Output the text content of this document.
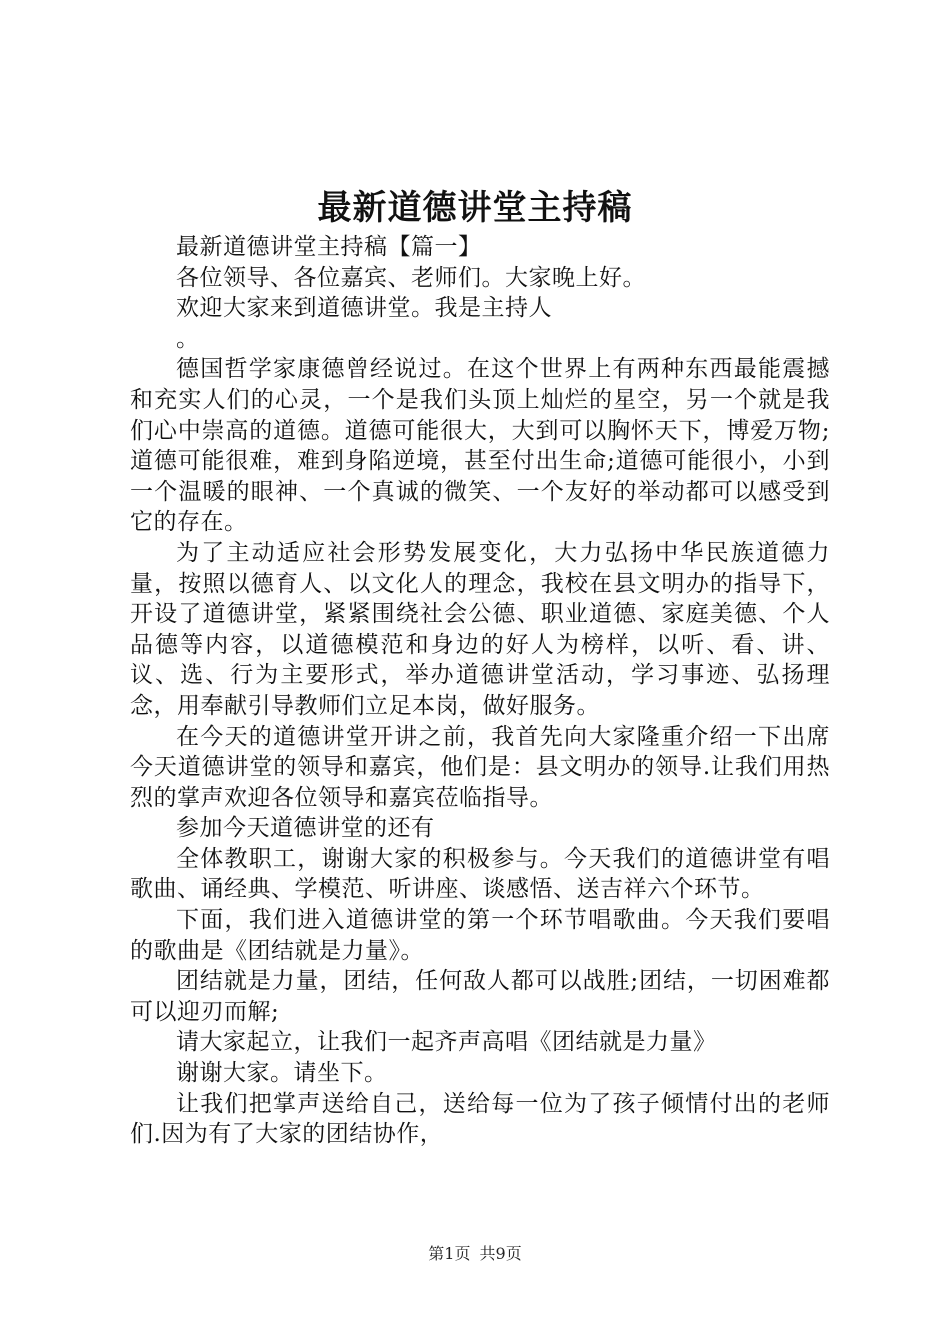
最新道德讲堂主持稿

最新道德讲堂主持稿【篇一】

各位领导、各位嘉宾、老师们。大家晚上好。

欢迎大家来到道德讲堂。我是主持人

。

德国哲学家康德曾经说过。在这个世界上有两种东西最能震撼和充实人们的心灵，一个是我们头顶上灿烂的星空，另一个就是我们心中崇高的道德。道德可能很大，大到可以胸怀天下，博爱万物;道德可能很难，难到身陷逆境，甚至付出生命;道德可能很小，小到一个温暖的眼神、一个真诚的微笑、一个友好的举动都可以感受到它的存在。

为了主动适应社会形势发展变化，大力弘扬中华民族道德力量，按照以德育人、以文化人的理念，我校在县文明办的指导下，开设了道德讲堂，紧紧围绕社会公德、职业道德、家庭美德、个人品德等内容，以道德模范和身边的好人为榜样，以听、看、讲、议、选、行为主要形式，举办道德讲堂活动，学习事迹、弘扬理念，用奉献引导教师们立足本岗，做好服务。

在今天的道德讲堂开讲之前，我首先向大家隆重介绍一下出席今天道德讲堂的领导和嘉宾，他们是：县文明办的领导.让我们用热烈的掌声欢迎各位领导和嘉宾莅临指导。

参加今天道德讲堂的还有

全体教职工，谢谢大家的积极参与。今天我们的道德讲堂有唱歌曲、诵经典、学模范、听讲座、谈感悟、送吉祥六个环节。

下面，我们进入道德讲堂的第一个环节唱歌曲。今天我们要唱的歌曲是《团结就是力量》。

团结就是力量，团结，任何敌人都可以战胜;团结，一切困难都可以迎刃而解;

请大家起立，让我们一起齐声高唱《团结就是力量》

谢谢大家。请坐下。

让我们把掌声送给自己，送给每一位为了孩子倾情付出的老师们.因为有了大家的团结协作，

第1页 共9页
